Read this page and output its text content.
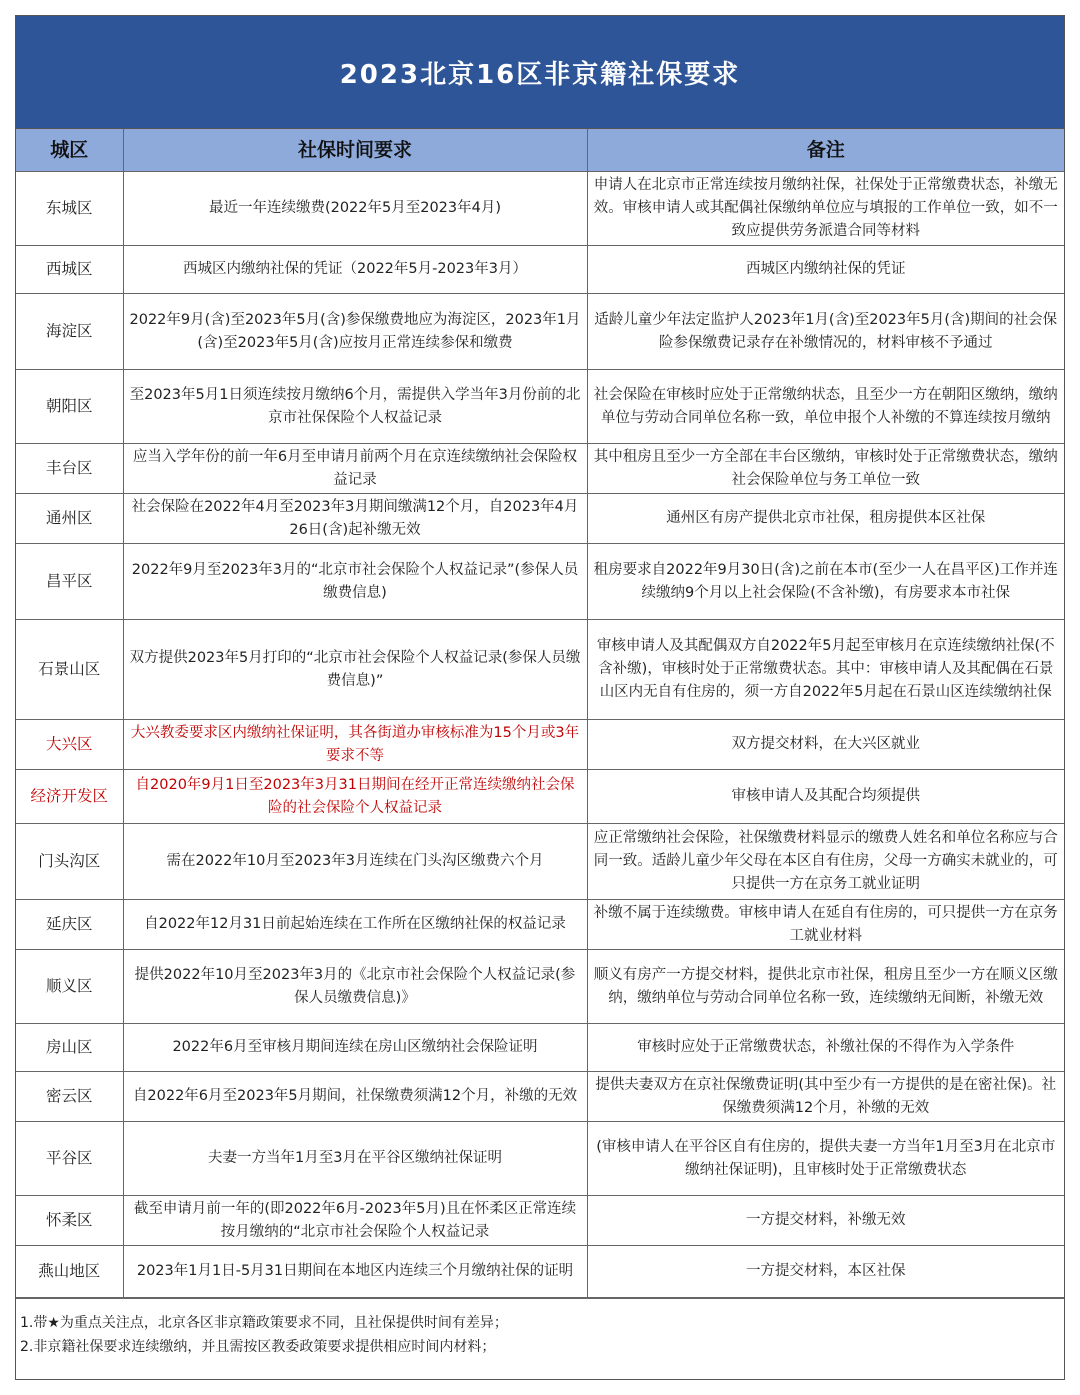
2023北京16区非京籍社保要求
城区	社保时间要求	备注
东城区	最近一年连续缴费(2022年5月至2023年4月)	申请人在北京市正常连续按月缴纳社保，社保处于正常缴费状态，补缴无效。审核申请人或其配偶社保缴纳单位应与填报的工作单位一致，如不一致应提供劳务派遣合同等材料
西城区	西城区内缴纳社保的凭证（2022年5月-2023年3月）	西城区内缴纳社保的凭证
海淀区	2022年9月(含)至2023年5月(含)参保缴费地应为海淀区，2023年1月(含)至2023年5月(含)应按月正常连续参保和缴费	适龄儿童少年法定监护人2023年1月(含)至2023年5月(含)期间的社会保险参保缴费记录存在补缴情况的，材料审核不予通过
朝阳区	至2023年5月1日须连续按月缴纳6个月，需提供入学当年3月份前的北京市社保保险个人权益记录	社会保险在审核时应处于正常缴纳状态，且至少一方在朝阳区缴纳，缴纳单位与劳动合同单位名称一致，单位申报个人补缴的不算连续按月缴纳
丰台区	应当入学年份的前一年6月至申请月前两个月在京连续缴纳社会保险权益记录	其中租房且至少一方全部在丰台区缴纳，审核时处于正常缴费状态，缴纳社会保险单位与务工单位一致
通州区	社会保险在2022年4月至2023年3月期间缴满12个月，自2023年4月26日(含)起补缴无效	通州区有房产提供北京市社保，租房提供本区社保
昌平区	2022年9月至2023年3月的“北京市社会保险个人权益记录”(参保人员缴费信息)	租房要求自2022年9月30日(含)之前在本市(至少一人在昌平区)工作并连续缴纳9个月以上社会保险(不含补缴)，有房要求本市社保
石景山区	双方提供2023年5月打印的“北京市社会保险个人权益记录(参保人员缴费信息)”	审核申请人及其配偶双方自2022年5月起至审核月在京连续缴纳社保(不含补缴)，审核时处于正常缴费状态。其中：审核申请人及其配偶在石景山区内无自有住房的，须一方自2022年5月起在石景山区连续缴纳社保
大兴区	大兴教委要求区内缴纳社保证明，其各街道办审核标准为15个月或3年要求不等	双方提交材料，在大兴区就业
经济开发区	自2020年9月1日至2023年3月31日期间在经开正常连续缴纳社会保险的社会保险个人权益记录	审核申请人及其配合均须提供
门头沟区	需在2022年10月至2023年3月连续在门头沟区缴费六个月	应正常缴纳社会保险，社保缴费材料显示的缴费人姓名和单位名称应与合同一致。适龄儿童少年父母在本区自有住房，父母一方确实未就业的，可只提供一方在京务工就业证明
延庆区	自2022年12月31日前起始连续在工作所在区缴纳社保的权益记录	补缴不属于连续缴费。审核申请人在延自有住房的，可只提供一方在京务工就业材料
顺义区	提供2022年10月至2023年3月的《北京市社会保险个人权益记录(参保人员缴费信息)》	顺义有房产一方提交材料，提供北京市社保，租房且至少一方在顺义区缴纳，缴纳单位与劳动合同单位名称一致，连续缴纳无间断，补缴无效
房山区	2022年6月至审核月期间连续在房山区缴纳社会保险证明	审核时应处于正常缴费状态，补缴社保的不得作为入学条件
密云区	自2022年6月至2023年5月期间，社保缴费须满12个月，补缴的无效	提供夫妻双方在京社保缴费证明(其中至少有一方提供的是在密社保)。社保缴费须满12个月，补缴的无效
平谷区	夫妻一方当年1月至3月在平谷区缴纳社保证明	(审核申请人在平谷区自有住房的，提供夫妻一方当年1月至3月在北京市缴纳社保证明)，且审核时处于正常缴费状态
怀柔区	截至申请月前一年的(即2022年6月-2023年5月)且在怀柔区正常连续按月缴纳的“北京市社会保险个人权益记录	一方提交材料，补缴无效
燕山地区	2023年1月1日-5月31日期间在本地区内连续三个月缴纳社保的证明	一方提交材料，本区社保
1.带★为重点关注点，北京各区非京籍政策要求不同，且社保提供时间有差异；
2.非京籍社保要求连续缴纳，并且需按区教委政策要求提供相应时间内材料；
